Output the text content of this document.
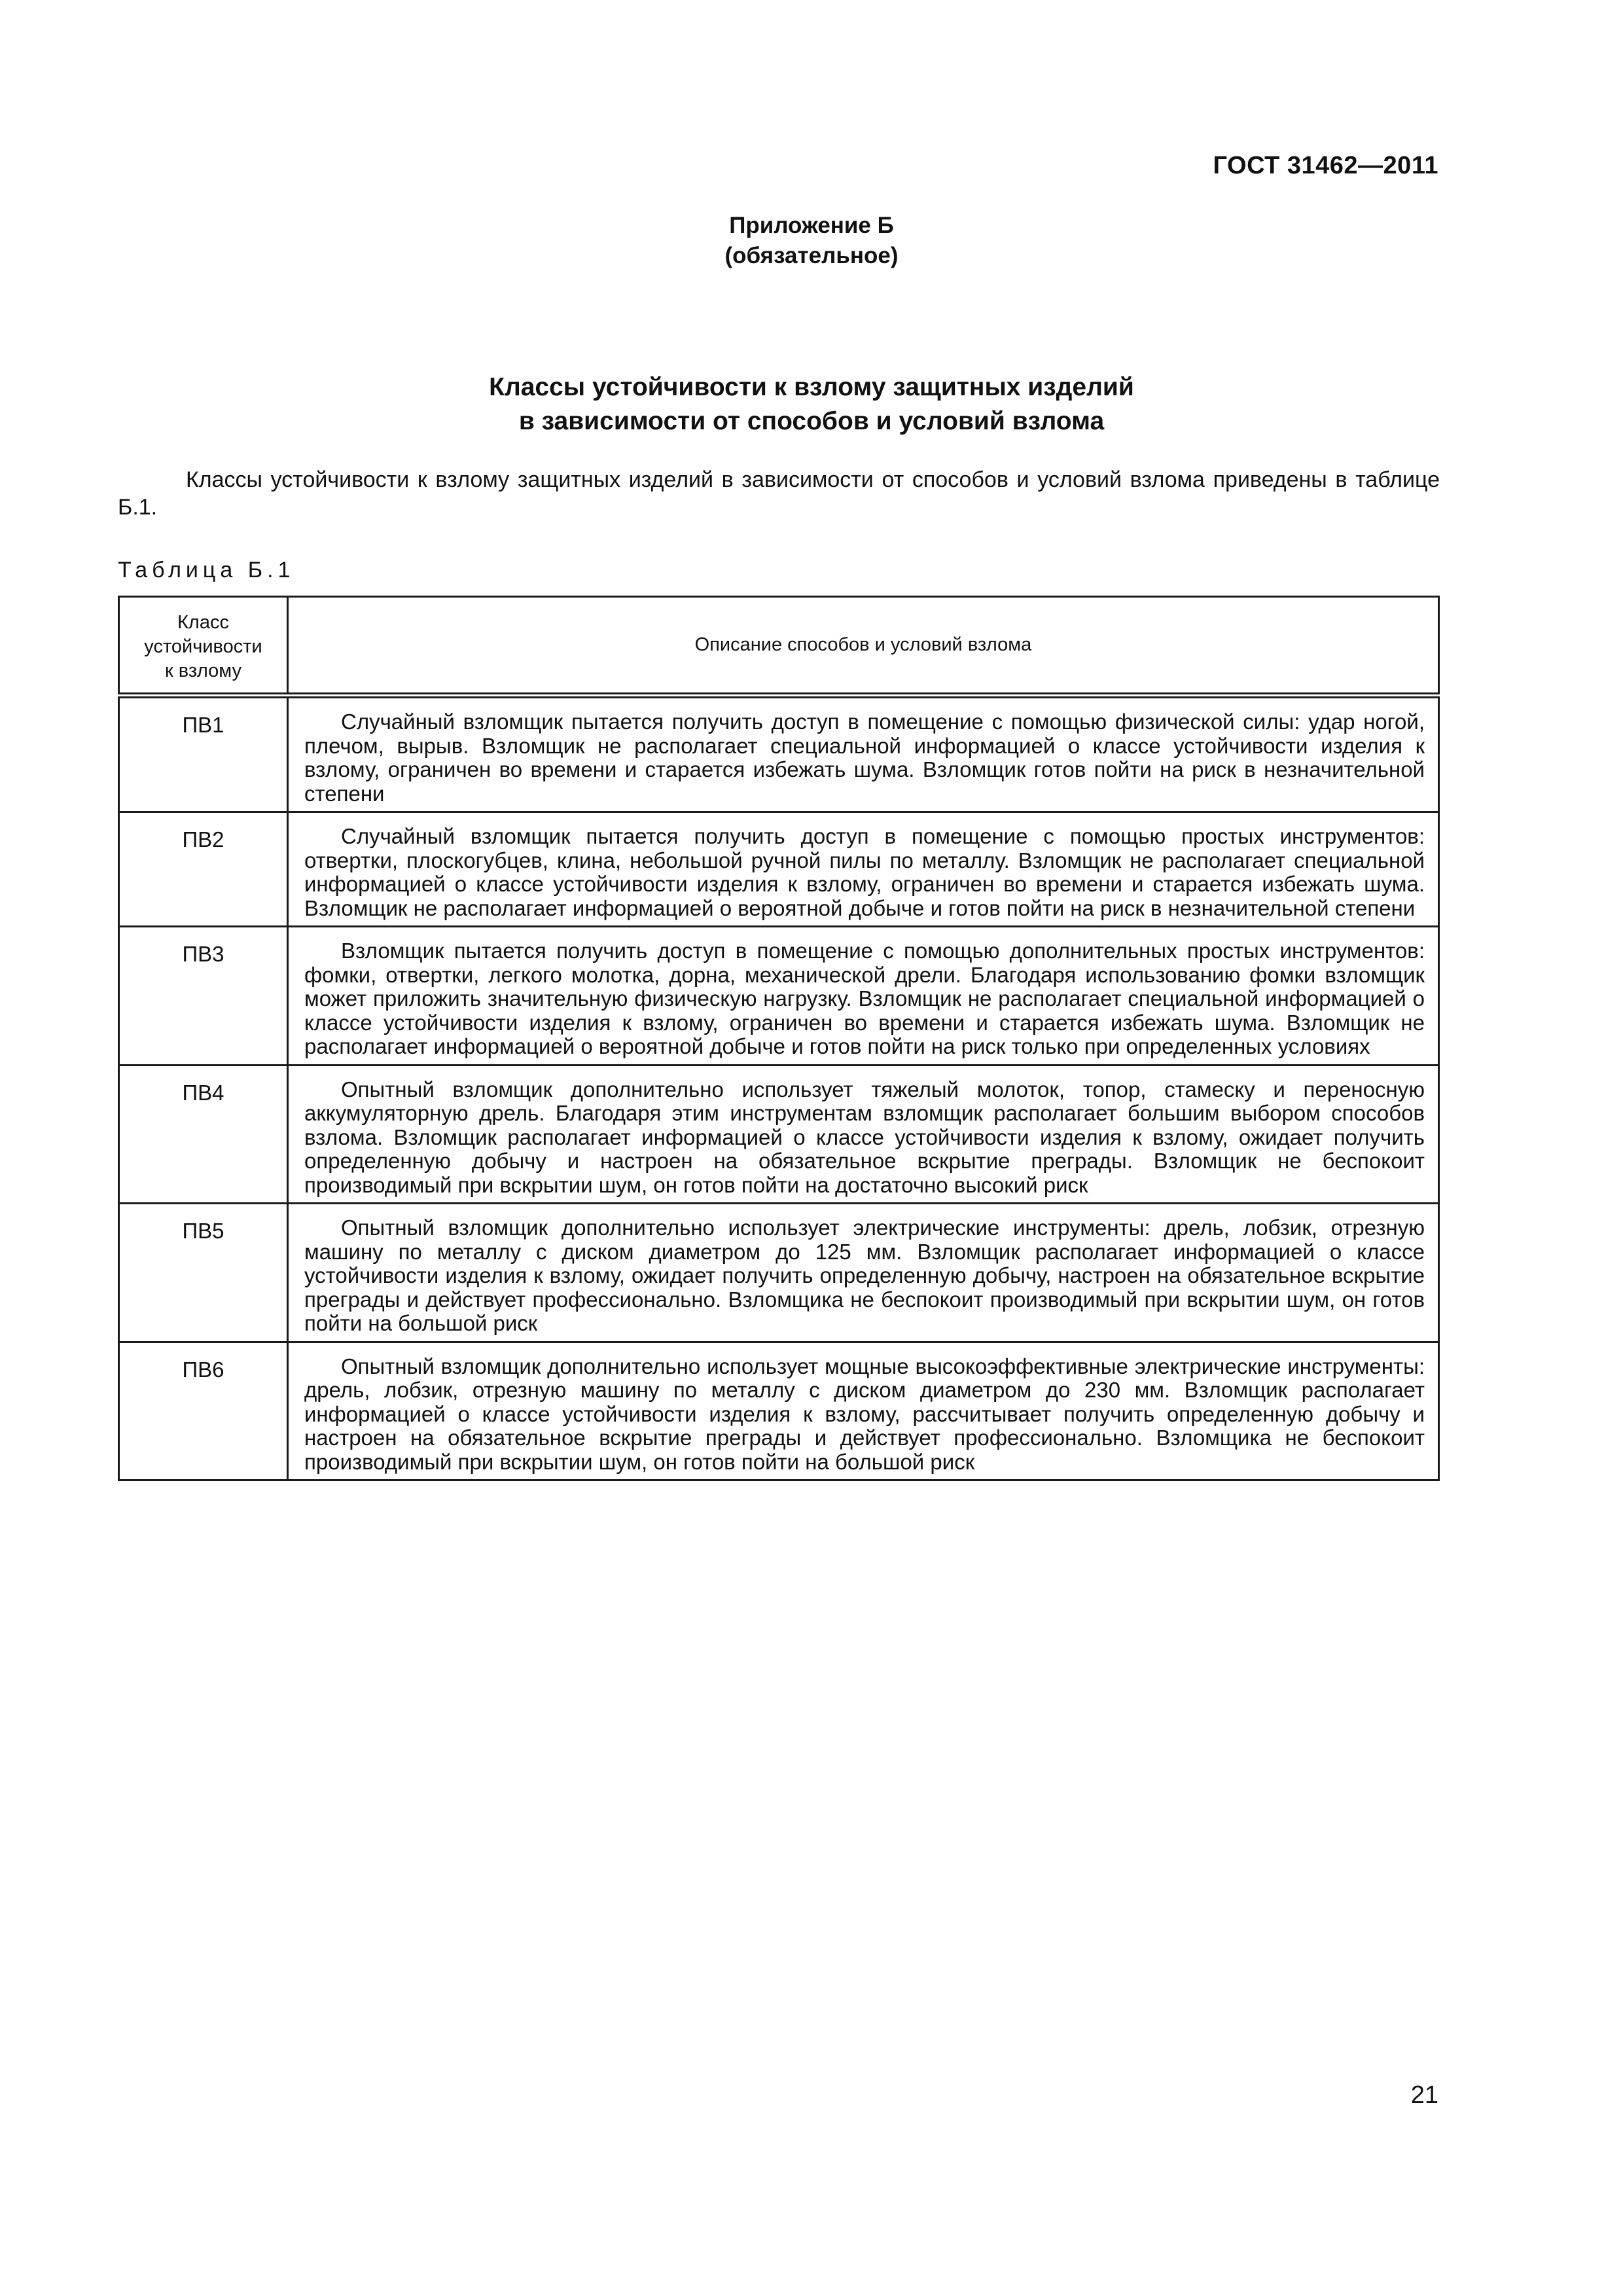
ГОСТ 31462—2011
Приложение Б
(обязательное)
Классы устойчивости к взлому защитных изделий
в зависимости от способов и условий взлома

Классы устойчивости к взлому защитных изделий в зависимости от способов и условий взлома приведены в таблице Б.1.

Таблица Б.1
Класс
устойчивости
к взлому	Описание способов и условий взлома
ПВ1	Случайный взломщик пытается получить доступ в помещение с помощью физической силы: удар ногой, плечом, вырыв. Взломщик не располагает специальной информацией о классе устойчивости изделия к взлому, ограничен во времени и старается избежать шума. Взломщик готов пойти на риск в незначительной степени
ПВ2	Случайный взломщик пытается получить доступ в помещение с помощью простых инструментов: отвертки, плоскогубцев, клина, небольшой ручной пилы по металлу. Взломщик не располагает специальной информацией о классе устойчивости изделия к взлому, ограничен во времени и старается избежать шума. Взломщик не располагает информацией о вероятной добыче и готов пойти на риск в незначительной степени
ПВ3	Взломщик пытается получить доступ в помещение с помощью дополнительных простых инструментов: фомки, отвертки, легкого молотка, дорна, механической дрели. Благодаря использованию фомки взломщик может приложить значительную физическую нагрузку. Взломщик не располагает специальной информацией о классе устойчивости изделия к взлому, ограничен во времени и старается избежать шума. Взломщик не располагает информацией о вероятной добыче и готов пойти на риск только при определенных условиях
ПВ4	Опытный взломщик дополнительно использует тяжелый молоток, топор, стамеску и переносную аккумуляторную дрель. Благодаря этим инструментам взломщик располагает большим выбором способов взлома. Взломщик располагает информацией о классе устойчивости изделия к взлому, ожидает получить определенную добычу и настроен на обязательное вскрытие преграды. Взломщик не беспокоит производимый при вскрытии шум, он готов пойти на достаточно высокий риск
ПВ5	Опытный взломщик дополнительно использует электрические инструменты: дрель, лобзик, отрезную машину по металлу с диском диаметром до 125 мм. Взломщик располагает информацией о классе устойчивости изделия к взлому, ожидает получить определенную добычу, настроен на обязательное вскрытие преграды и действует профессионально. Взломщика не беспокоит производимый при вскрытии шум, он готов пойти на большой риск
ПВ6	Опытный взломщик дополнительно использует мощные высокоэффективные электрические инструменты: дрель, лобзик, отрезную машину по металлу с диском диаметром до 230 мм. Взломщик располагает информацией о классе устойчивости изделия к взлому, рассчитывает получить определенную добычу и настроен на обязательное вскрытие преграды и действует профессионально. Взломщика не беспокоит производимый при вскрытии шум, он готов пойти на большой риск
21
